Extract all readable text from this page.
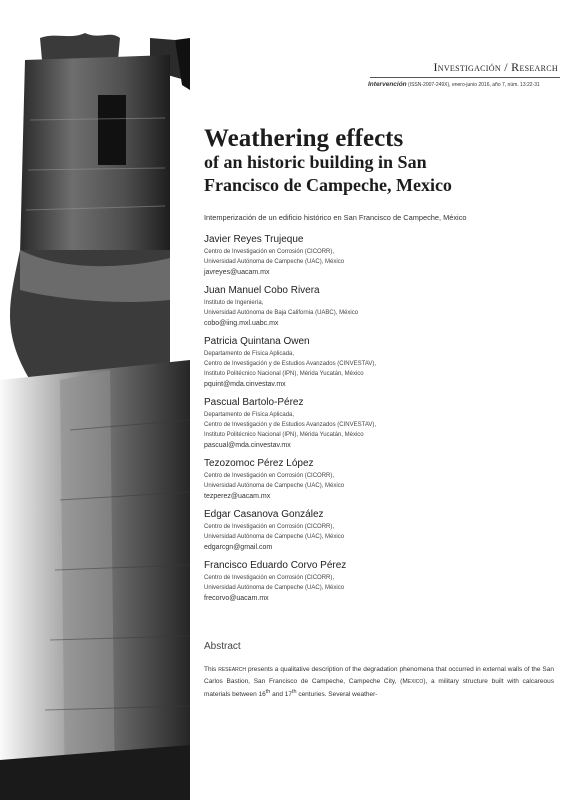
Investigación / Research
Intervención (ISSN-2007-249X), enero-junio 2016, año 7, núm. 13:22-31
Weathering effects
of an historic building in San
Francisco de Campeche, Mexico
Intemperización de un edificio histórico en San Francisco de Campeche, México
Javier Reyes Trujeque
Centro de Investigación en Corrosión (CICORR),
Universidad Autónoma de Campeche (UAC), México
javreyes@uacam.mx
Juan Manuel Cobo Rivera
Instituto de Ingeniería,
Universidad Autónoma de Baja California (UABC), México
cobo@iing.mxl.uabc.mx
Patricia Quintana Owen
Departamento de Física Aplicada,
Centro de Investigación y de Estudios Avanzados (CINVESTAV),
Instituto Politécnico Nacional (IPN), Mérida Yucatán, México
pquint@mda.cinvestav.mx
Pascual Bartolo-Pérez
Departamento de Física Aplicada,
Centro de Investigación y de Estudios Avanzados (CINVESTAV),
Instituto Politécnico Nacional (IPN), Mérida Yucatán, México
pascual@mda.cinvestav.mx
Tezozomoc Pérez López
Centro de Investigación en Corrosión (CICORR),
Universidad Autónoma de Campeche (UAC), México
tezperez@uacam.mx
Edgar Casanova González
Centro de Investigación en Corrosión (CICORR),
Universidad Autónoma de Campeche (UAC), México
edgarcgn@gmail.com
Francisco Eduardo Corvo Pérez
Centro de Investigación en Corrosión (CICORR),
Universidad Autónoma de Campeche (UAC), México
frecorvo@uacam.mx
Abstract
This research presents a qualitative description of the degradation phenomena that occurred in external walls of the San Carlos Bastion, San Francisco de Campeche, Campeche City, (Mexico), a military structure built with calcareous materials between 16th and 17th centuries. Several weather-
